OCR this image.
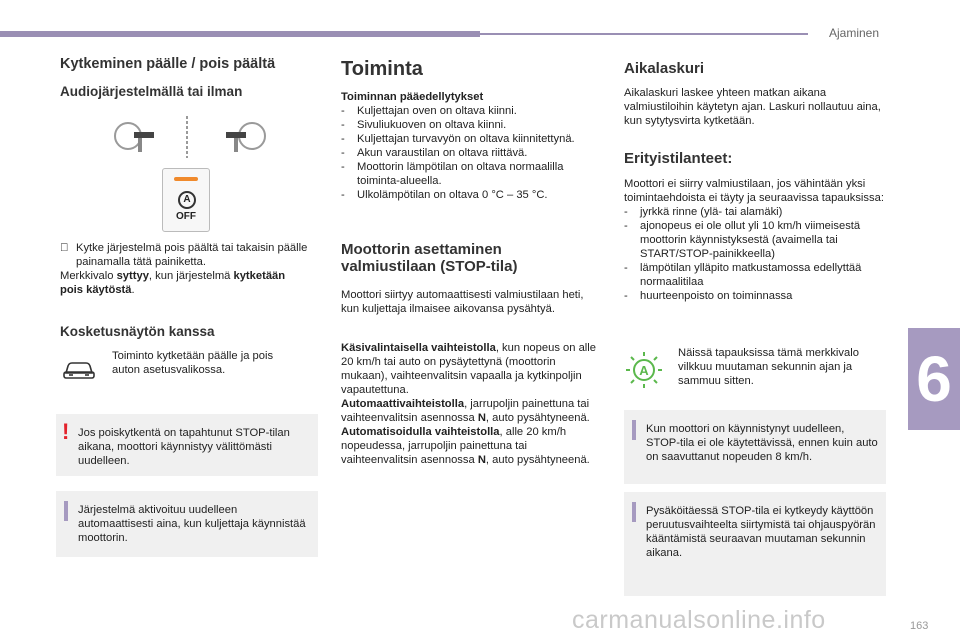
Ajaminen
6
Kytkeminen päälle / pois päältä
Audiojärjestelmällä tai ilman
A
OFF
Kytke järjestelmä pois päältä tai takaisin päälle painamalla tätä painiketta.
Merkkivalo syttyy, kun järjestelmä kytketään pois käytöstä.
Kosketusnäytön kanssa
Toiminto kytketään päälle ja pois auton asetusvalikossa.
! Jos poiskytkentä on tapahtunut STOP-tilan aikana, moottori käynnistyy välittömästi uudelleen.
Järjestelmä aktivoituu uudelleen automaattisesti aina, kun kuljettaja käynnistää moottorin.
Toiminta
Toiminnan pääedellytykset
- Kuljettajan oven on oltava kiinni.
- Sivuliukuoven on oltava kiinni.
- Kuljettajan turvavyön on oltava kiinnitettynä.
- Akun varaustilan on oltava riittävä.
- Moottorin lämpötilan on oltava normaalilla toiminta-alueella.
- Ulkolämpötilan on oltava 0 °C – 35 °C.
Moottorin asettaminen valmiustilaan (STOP-tila)
Moottori siirtyy automaattisesti valmiustilaan heti, kun kuljettaja ilmaisee aikovansa pysähtyä.
Käsivalintaisella vaihteistolla, kun nopeus on alle 20 km/h tai auto on pysäytettynä (moottorin mukaan), vaihteenvalitsin vapaalla ja kytkinpoljin vapautettuna.
Automaattivaihteistolla, jarrupoljin painettuna tai vaihteenvalitsin asennossa N, auto pysähtyneenä.
Automatisoidulla vaihteistolla, alle 20 km/h nopeudessa, jarrupoljin painettuna tai vaihteenvalitsin asennossa N, auto pysähtyneenä.
Aikalaskuri
Aikalaskuri laskee yhteen matkan aikana valmiustiloihin käytetyn ajan. Laskuri nollautuu aina, kun sytytysvirta kytketään.
Erityistilanteet:
Moottori ei siirry valmiustilaan, jos vähintään yksi toimintaehdoista ei täyty ja seuraavissa tapauksissa:
- jyrkkä rinne (ylä- tai alamäki)
- ajonopeus ei ole ollut yli 10 km/h viimeisestä moottorin käynnistyksestä (avaimella tai START/STOP-painikkeella)
- lämpötilan ylläpito matkustamossa edellyttää normaalitilaa
- huurteenpoisto on toiminnassa
A
Näissä tapauksissa tämä merkkivalo vilkkuu muutaman sekunnin ajan ja sammuu sitten.
Kun moottori on käynnistynyt uudelleen, STOP-tila ei ole käytettävissä, ennen kuin auto on saavuttanut nopeuden 8 km/h.
Pysäköitäessä STOP-tila ei kytkeydy käyttöön peruutusvaihteelta siirtymistä tai ohjauspyörän kääntämistä seuraavan muutaman sekunnin aikana.
carmanualsonline.info	163
